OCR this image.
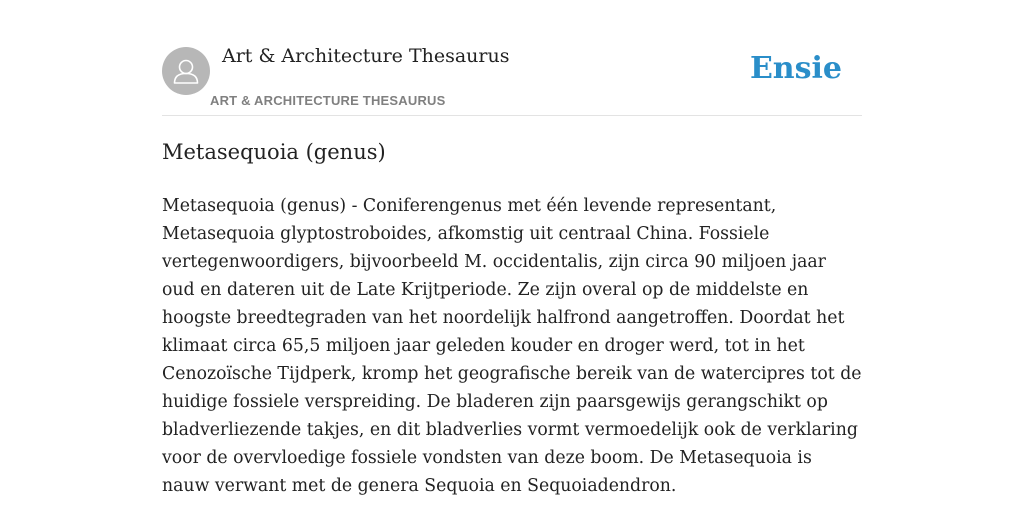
Art & Architecture Thesaurus
ART & ARCHITECTURE THESAURUS
Ensie
Metasequoia (genus)

Metasequoia (genus) - Coniferengenus met één levende representant, Metasequoia glyptostroboides, afkomstig uit centraal China. Fossiele vertegenwoordigers, bijvoorbeeld M. occidentalis, zijn circa 90 miljoen jaar oud en dateren uit de Late Krijtperiode. Ze zijn overal op de middelste en hoogste breedtegraden van het noordelijk halfrond aangetroffen. Doordat het klimaat circa 65,5 miljoen jaar geleden kouder en droger werd, tot in het Cenozoïsche Tijdperk, kromp het geografische bereik van de watercipres tot de huidige fossiele verspreiding. De bladeren zijn paarsgewijs gerangschikt op bladverliezende takjes, en dit bladverlies vormt vermoedelijk ook de verklaring voor de overvloedige fossiele vondsten van deze boom. De Metasequoia is nauw verwant met de genera Sequoia en Sequoiadendron.
